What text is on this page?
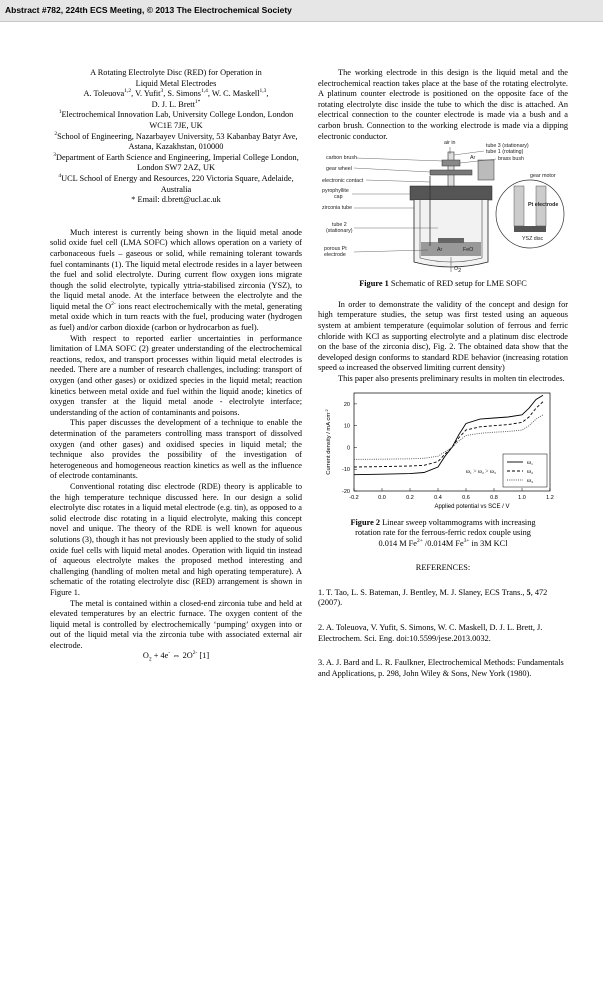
Abstract #782, 224th ECS Meeting, © 2013 The Electrochemical Society
A Rotating Electrolyte Disc (RED) for Operation in
Liquid Metal Electrodes
A. Toleuova$^{1,2}$, V. Yufit$^3$, S. Simons$^{1,4}$, W. C. Maskell$^{1,3}$,
D. J. L. Brett$^{1*}$
$^1$Electrochemical Innovation Lab, University College London, London WC1E 7JE, UK
$^2$School of Engineering, Nazarbayev University, 53 Kabanbay Batyr Ave, Astana, Kazakhstan, 010000
$^3$Department of Earth Science and Engineering, Imperial College London, London SW7 2AZ, UK
$^4$UCL School of Energy and Resources, 220 Victoria Square, Adelaide, Australia
* Email: d.brett@ucl.ac.uk

Much interest is currently being shown in the liquid metal anode solid oxide fuel cell (LMA SOFC) which allows operation on a variety of carbonaceous fuels – gaseous or solid, while remaining tolerant towards fuel contaminants (1). The liquid metal electrode resides in a layer between the fuel and solid electrolyte. During current flow oxygen ions migrate though the solid electrolyte, typically yttria-stabilised zirconia (YSZ), to the liquid metal anode. At the interface between the electrolyte and the liquid metal the $O^{2-}$ ions react electrochemically with the metal, generating metal oxide which in turn reacts with the fuel, producing water (hydrogen as fuel) and/or carbon dioxide (carbon or hydrocarbon as fuel).

With respect to reported earlier uncertainties in performance limitation of LMA SOFC (2) greater understanding of the electrochemical reactions, redox, and transport processes within liquid metal electrodes is needed. There are a number of research challenges, including: transport of oxygen (and other gases) or oxidized species in the liquid metal; reaction kinetics between metal oxide and fuel within the liquid anode; kinetics of oxygen transfer at the liquid metal anode - electrolyte interface; understanding of the action of contaminants and poisons.

This paper discusses the development of a technique to enable the determination of the parameters controlling mass transport of dissolved oxygen (and other gases) and oxidised species in liquid metal; the technique also provides the possibility of the investigation of heterogeneous and homogeneous reaction kinetics as well as the influence of electrode contaminants.

Conventional rotating disc electrode (RDE) theory is applicable to the high temperature technique discussed here. In our design a solid electrolyte disc rotates in a liquid metal electrode (e.g. tin), as opposed to a solid electrode disc rotating in a liquid electrolyte, making this concept novel and unique. The theory of the RDE is well known for aqueous solutions (3), though it has not previously been applied to the study of solid oxide fuel cells with liquid metal anodes. Operation with liquid tin instead of aqueous electrolyte makes the proposed method interesting and challenging (handling of molten metal and high operating temperature). A schematic of the rotating electrolyte disc (RED) arrangement is shown in Figure 1.

The metal is contained within a closed-end zirconia tube and held at elevated temperatures by an electric furnace. The oxygen content of the liquid metal is controlled by electrochemically ‘pumping’ oxygen into or out of the liquid metal via the zirconia tube with associated external air electrode.

$O_2 + 4e^-$ ⇔ $2O^{2-}$ [1]

The working electrode in this design is the liquid metal and the electrochemical reaction takes place at the base of the rotating electrolyte. A platinum counter electrode is positioned on the opposite face of the rotating electrolyte disc inside the tube to which the disc is attached. An electrical connection to the counter electrode is made via a bush and a carbon brush. Connection to the working electrode is made via a dipping electronic conductor.

air in
carbon brush
gear wheel
tube 3 (stationary)
tube 1 (rotating)
brass bush
Ar
gear motor
electronic contact
pyrophyllite
cap
zirconia tube
tube 2
(stationary)
porous Pt
electrode
Pt electrode
YSZ disc
FeO
$O_2$
Ar
Figure 1 Schematic of RED setup for LME SOFC

In order to demonstrate the validity of the concept and design for high temperature studies, the setup was first tested using an aqueous system at ambient temperature (equimolar solution of ferrous and ferric chloride with KCl as supporting electrolyte and a platinum disc electrode on the base of the zirconia disc), Fig. 2. The obtained data show that the developed design conforms to standard RDE behavior (increasing rotation speed ω increased the observed limiting current density)

This paper also presents preliminary results in molten tin electrodes.

-0.2	0.0	0.2	0.4	0.6	0.8	1.0	1.2
-20
-10
0
10
20
Applied potential vs SCE / V
Current density / mA $cm^{-2}$
ω₁
ω₂
ω₃
ω₁ > ω₂ > ω₃
Figure 2 Linear sweep voltammograms with increasing
rotation rate for the ferrous-ferric redox couple using
0.014 M $Fe^{2+}$ /0.014M $Fe^{3+}$ in 3M KCl
REFERENCES:

1. T. Tao, L. S. Bateman, J. Bentley, M. J. Slaney, ECS Trans., 5, 472 (2007).

2. A. Toleuova, V. Yufit, S. Simons, W. C. Maskell, D. J. L. Brett, J. Electrochem. Sci. Eng. doi:10.5599/jese.2013.0032.

3. A. J. Bard and L. R. Faulkner, Electrochemical Methods: Fundamentals and Applications, p. 298, John Wiley & Sons, New York (1980).
